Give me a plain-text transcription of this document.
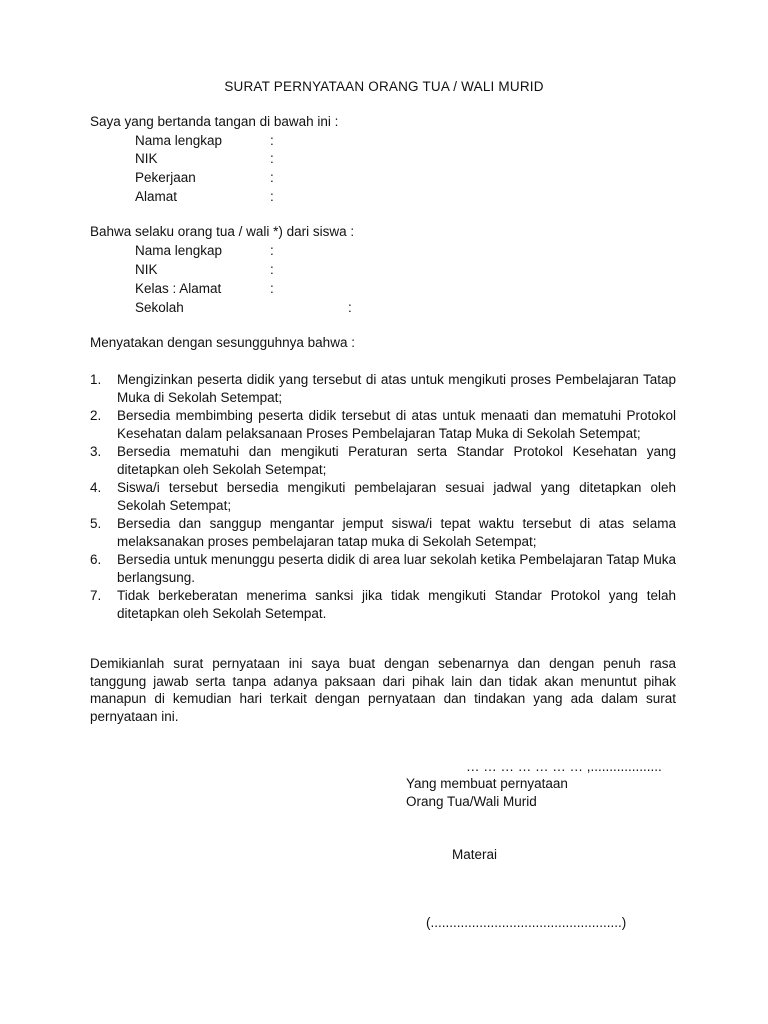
SURAT PERNYATAAN ORANG TUA / WALI MURID
Saya yang bertanda tangan di bawah ini :
Nama lengkap	:
NIK	:
Pekerjaan	:
Alamat	:
Bahwa selaku orang tua / wali *) dari siswa :
Nama lengkap	:
NIK	:
Kelas : Alamat	:
Sekolah	:
Menyatakan dengan sesungguhnya bahwa :
1.	Mengizinkan peserta didik yang tersebut di atas untuk mengikuti proses Pembelajaran Tatap Muka di Sekolah Setempat;
2.	Bersedia membimbing peserta didik tersebut di atas untuk menaati dan mematuhi Protokol Kesehatan dalam pelaksanaan Proses Pembelajaran Tatap Muka di Sekolah Setempat;
3.	Bersedia mematuhi dan mengikuti Peraturan serta Standar Protokol Kesehatan yang ditetapkan oleh Sekolah Setempat;
4.	Siswa/i tersebut bersedia mengikuti pembelajaran sesuai jadwal yang ditetapkan oleh Sekolah Setempat;
5.	Bersedia dan sanggup mengantar jemput siswa/i tepat waktu tersebut di atas selama melaksanakan proses pembelajaran tatap muka di Sekolah Setempat;
6.	Bersedia untuk menunggu peserta didik di area luar sekolah ketika Pembelajaran Tatap Muka berlangsung.
7.	Tidak berkeberatan menerima sanksi jika tidak mengikuti Standar Protokol yang telah ditetapkan oleh Sekolah Setempat.
Demikianlah surat pernyataan ini saya buat dengan sebenarnya dan dengan penuh rasa tanggung jawab serta tanpa adanya paksaan dari pihak lain dan tidak akan menuntut pihak manapun di kemudian hari terkait dengan pernyataan dan tindakan yang ada dalam surat pernyataan ini.
… … … … … … … ,...................
Yang membuat pernyataan
Orang Tua/Wali Murid
Materai
(...................................................)
